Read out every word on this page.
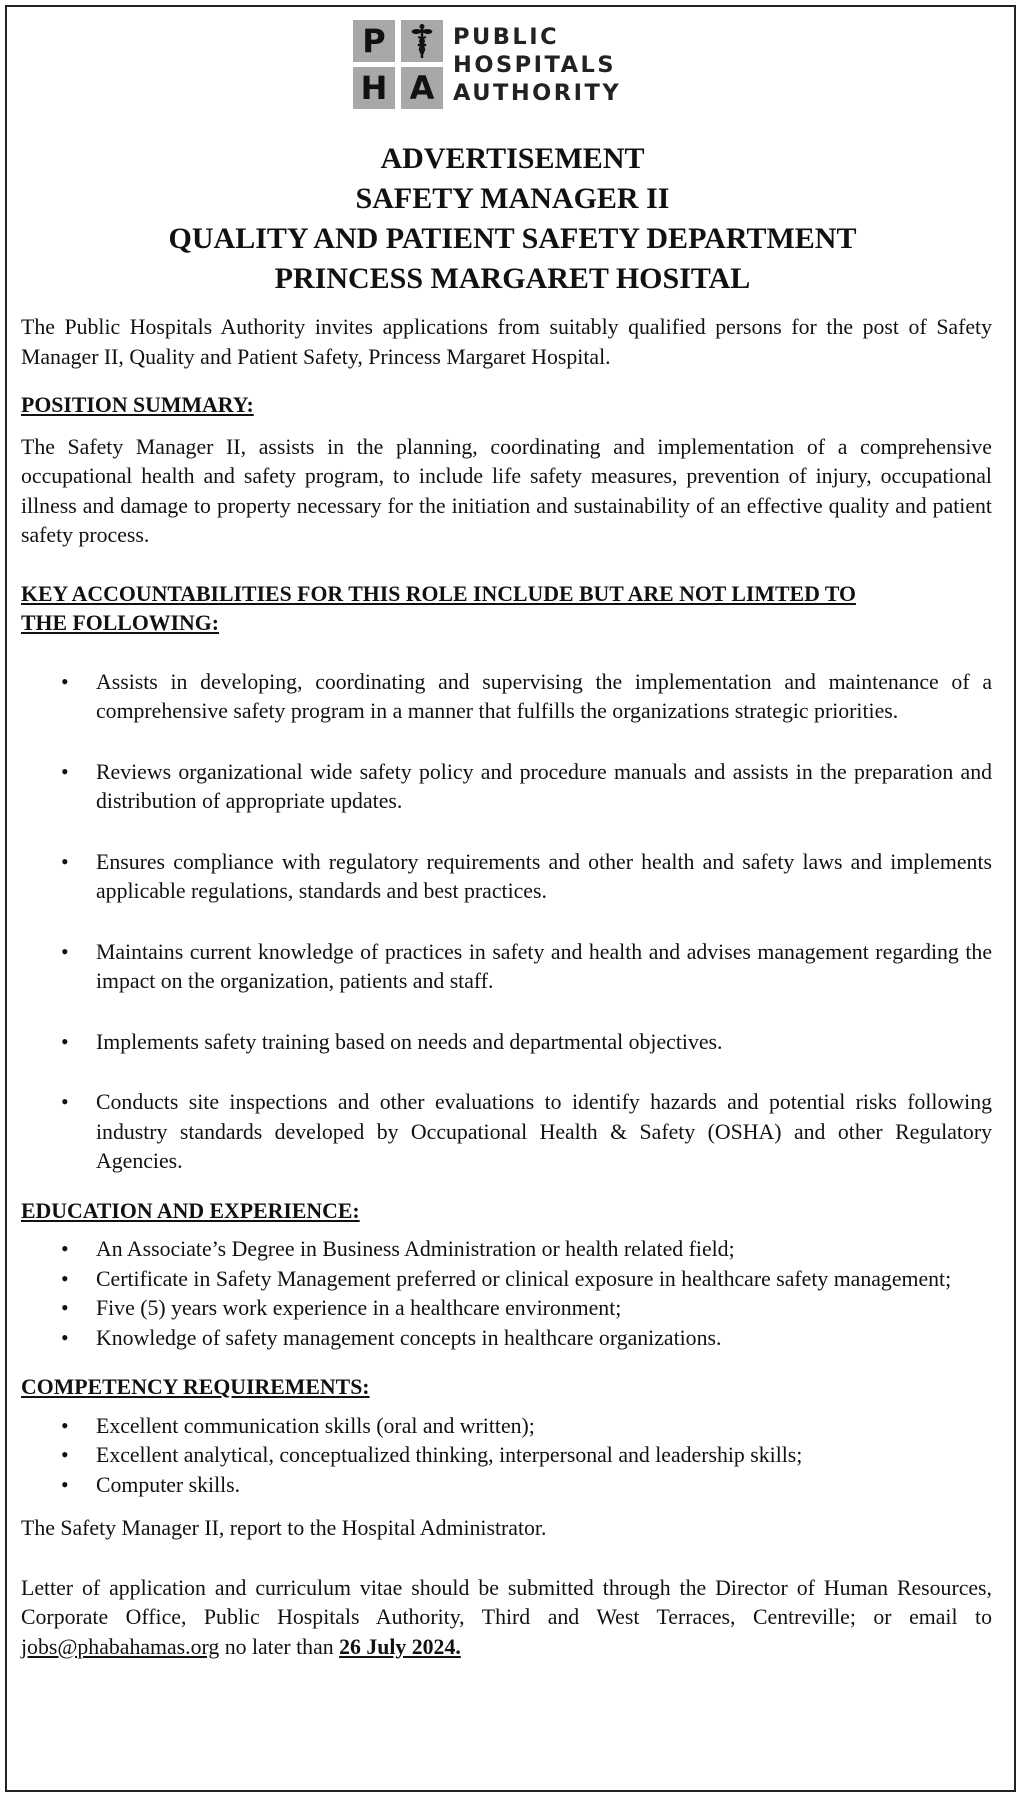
P
H A
PUBLIC
HOSPITALS
AUTHORITY
ADVERTISEMENT
SAFETY MANAGER II
QUALITY AND PATIENT SAFETY DEPARTMENT
PRINCESS MARGARET HOSITAL

The Public Hospitals Authority invites applications from suitably qualified persons for the post of Safety Manager II, Quality and Patient Safety, Princess Margaret Hospital.

POSITION SUMMARY:

The Safety Manager II, assists in the planning, coordinating and implementation of a comprehensive occupational health and safety program, to include life safety measures, prevention of injury, occupational illness and damage to property necessary for the initiation and sustainability of an effective quality and patient safety process.

KEY ACCOUNTABILITIES FOR THIS ROLE INCLUDE BUT ARE NOT LIMTED TO
THE FOLLOWING:
• Assists in developing, coordinating and supervising the implementation and maintenance of a comprehensive safety program in a manner that fulfills the organizations strategic priorities.
• Reviews organizational wide safety policy and procedure manuals and assists in the preparation and distribution of appropriate updates.
• Ensures compliance with regulatory requirements and other health and safety laws and implements applicable regulations, standards and best practices.
• Maintains current knowledge of practices in safety and health and advises management regarding the impact on the organization, patients and staff.
• Implements safety training based on needs and departmental objectives.
• Conducts site inspections and other evaluations to identify hazards and potential risks following industry standards developed by Occupational Health & Safety (OSHA) and other Regulatory Agencies.

EDUCATION AND EXPERIENCE:

• An Associate’s Degree in Business Administration or health related field;
• Certificate in Safety Management preferred or clinical exposure in healthcare safety management;
• Five (5) years work experience in a healthcare environment;
• Knowledge of safety management concepts in healthcare organizations.

COMPETENCY REQUIREMENTS:

• Excellent communication skills (oral and written);
• Excellent analytical, conceptualized thinking, interpersonal and leadership skills;
• Computer skills.

The Safety Manager II, report to the Hospital Administrator.

Letter of application and curriculum vitae should be submitted through the Director of Human Resources, Corporate Office, Public Hospitals Authority, Third and West Terraces, Centreville; or email to jobs@phabahamas.org no later than 26 July 2024.
